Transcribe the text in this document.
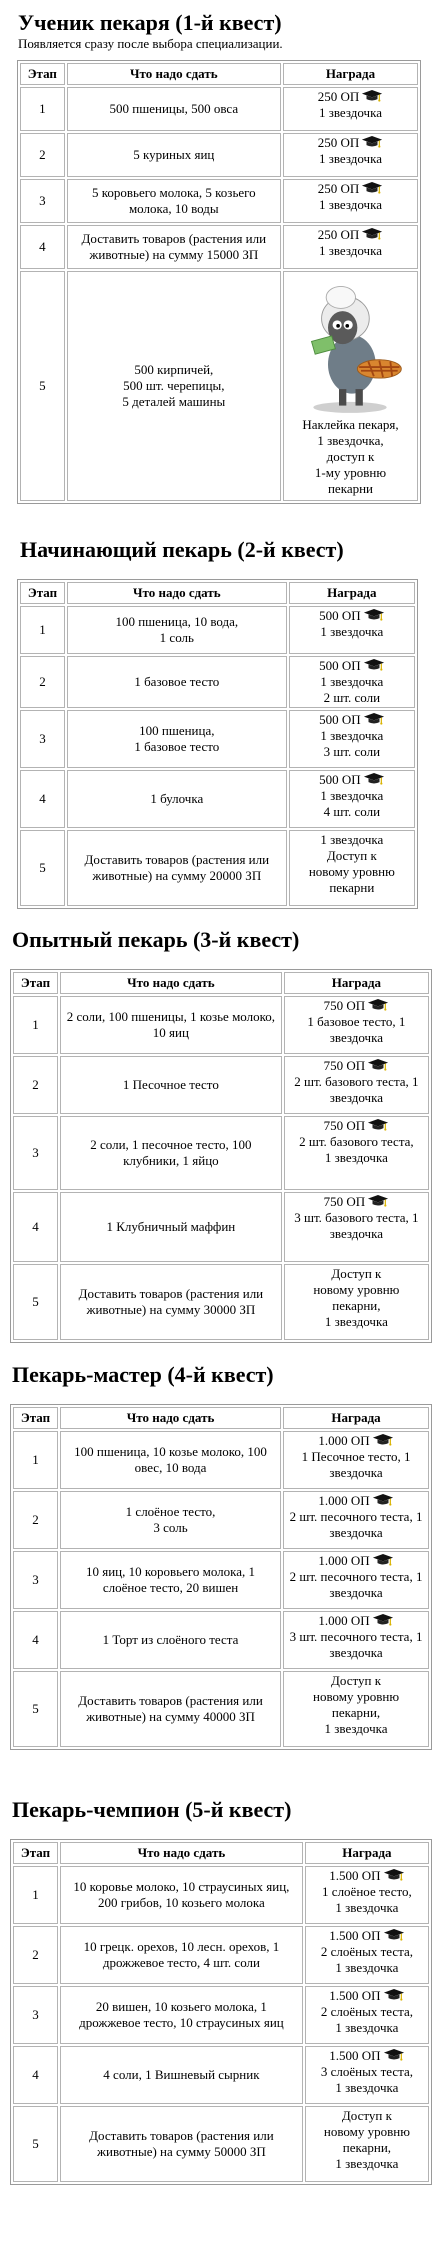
Ученик пекаря (1-й квест)

Появляется сразу после выбора специализации.

Этап	Что надо сдать	Награда
1	500 пшеницы, 500 овса	250 ОП
1 звездочка

2	5 куриных яиц	250 ОП
1 звездочка

3	5 коровьего молока, 5 козьего молока, 10 воды	250 ОП
1 звездочка

4	Доставить товаров (растения или животные) на сумму 15000 ЗП	250 ОП
1 звездочка

5	500 кирпичей,
500 шт. черепицы,
5 деталей машины	Наклейка пекаря,
1 звездочка,
доступ к
1-му уровню
пекарни
Начинающий пекарь (2-й квест)
Этап	Что надо сдать	Награда
1	100 пшеница, 10 вода,
1 соль	500 ОП
1 звездочка

2	1 базовое тесто	500 ОП
1 звездочка
2 шт. соли

3	100 пшеница,
1 базовое тесто	500 ОП
1 звездочка
3 шт. соли

4	1 булочка	500 ОП
1 звездочка
4 шт. соли

5	Доставить товаров (растения или животные) на сумму 20000 ЗП	1 звездочка
Доступ к
новому уровню
пекарни
Опытный пекарь (3-й квест)
Этап	Что надо сдать	Награда
1	2 соли, 100 пшеницы, 1 козье молоко, 10 яиц	750 ОП
1 базовое тесто, 1 звездочка

2	1 Песочное тесто	750 ОП
2 шт. базового теста, 1 звездочка

3	2 соли, 1 песочное тесто, 100 клубники, 1 яйцо	750 ОП
2 шт. базового теста,
1 звездочка

4	1 Клубничный маффин	750 ОП
3 шт. базового теста, 1 звездочка

5	Доставить товаров (растения или животные) на сумму 30000 ЗП	Доступ к
новому уровню
пекарни,
1 звездочка
Пекарь-мастер (4-й квест)
Этап	Что надо сдать	Награда
1	100 пшеница, 10 козье молоко, 100 овес, 10 вода	1.000 ОП
1 Песочное тесто, 1 звездочка

2	1 слоёное тесто,
3 соль	1.000 ОП
2 шт. песочного теста, 1 звездочка

3	10 яиц, 10 коровьего молока, 1 слоёное тесто, 20 вишен	1.000 ОП
2 шт. песочного теста, 1 звездочка

4	1 Торт из слоёного теста	1.000 ОП
3 шт. песочного теста, 1 звездочка

5	Доставить товаров (растения или животные) на сумму 40000 ЗП	Доступ к
новому уровню
пекарни,
1 звездочка
Пекарь-чемпион (5-й квест)
Этап	Что надо сдать	Награда
1	10 коровье молоко, 10 страусиных яиц, 200 грибов, 10 козьего молока	1.500 ОП
1 слоёное тесто,
1 звездочка

2	10 грецк. орехов, 10 лесн. орехов, 1 дрожжевое тесто, 4 шт. соли	1.500 ОП
2 слоёных теста,
1 звездочка

3	20 вишен, 10 козьего молока, 1 дрожжевое тесто, 10 страусиных яиц	1.500 ОП
2 слоёных теста,
1 звездочка

4	4 соли, 1 Вишневый сырник	1.500 ОП
3 слоёных теста,
1 звездочка

5	Доставить товаров (растения или животные) на сумму 50000 ЗП	Доступ к
новому уровню
пекарни,
1 звездочка
